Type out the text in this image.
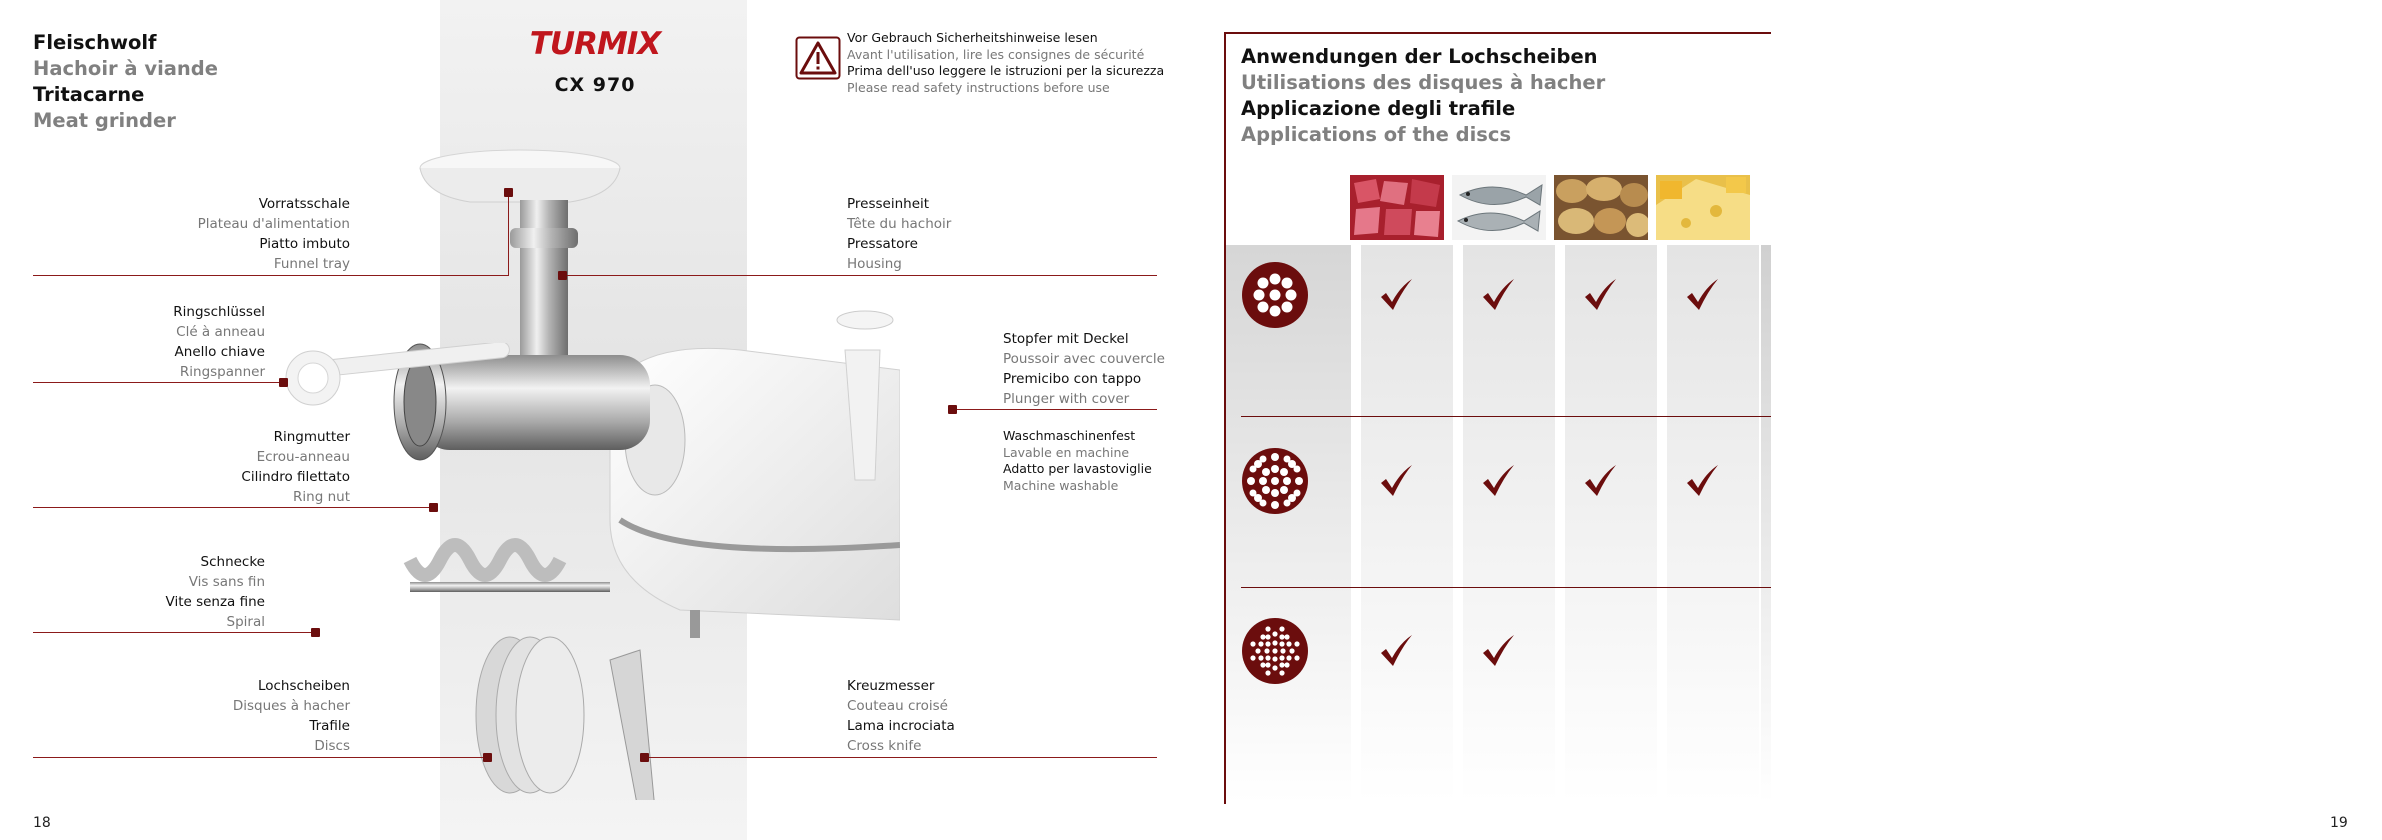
Fleischwolf
Hachoir à viande
Tritacarne
Meat grinder
TURMIX
CX 970
Vor Gebrauch Sicherheitshinweise lesen
Avant l'utilisation, lire les consignes de sécurité
Prima dell'uso leggere le istruzioni per la sicurezza
Please read safety instructions before use
Vorratsschale
Plateau d'alimentation
Piatto imbuto
Funnel tray
Ringschlüssel
Clé à anneau
Anello chiave
Ringspanner
Ringmutter
Ecrou-anneau
Cilindro filettato
Ring nut
Schnecke
Vis sans fin
Vite senza fine
Spiral
Lochscheiben
Disques à hacher
Trafile
Discs
Presseinheit
Tête du hachoir
Pressatore
Housing
Stopfer mit Deckel
Poussoir avec couvercle
Premicibo con tappo
Plunger with cover
Waschmaschinenfest
Lavable en machine
Adatto per lavastoviglie
Machine washable
Kreuzmesser
Couteau croisé
Lama incrociata
Cross knife
18
Anwendungen der Lochscheiben
Utilisations des disques à hacher
Applicazione degli trafile
Applications of the discs
19
